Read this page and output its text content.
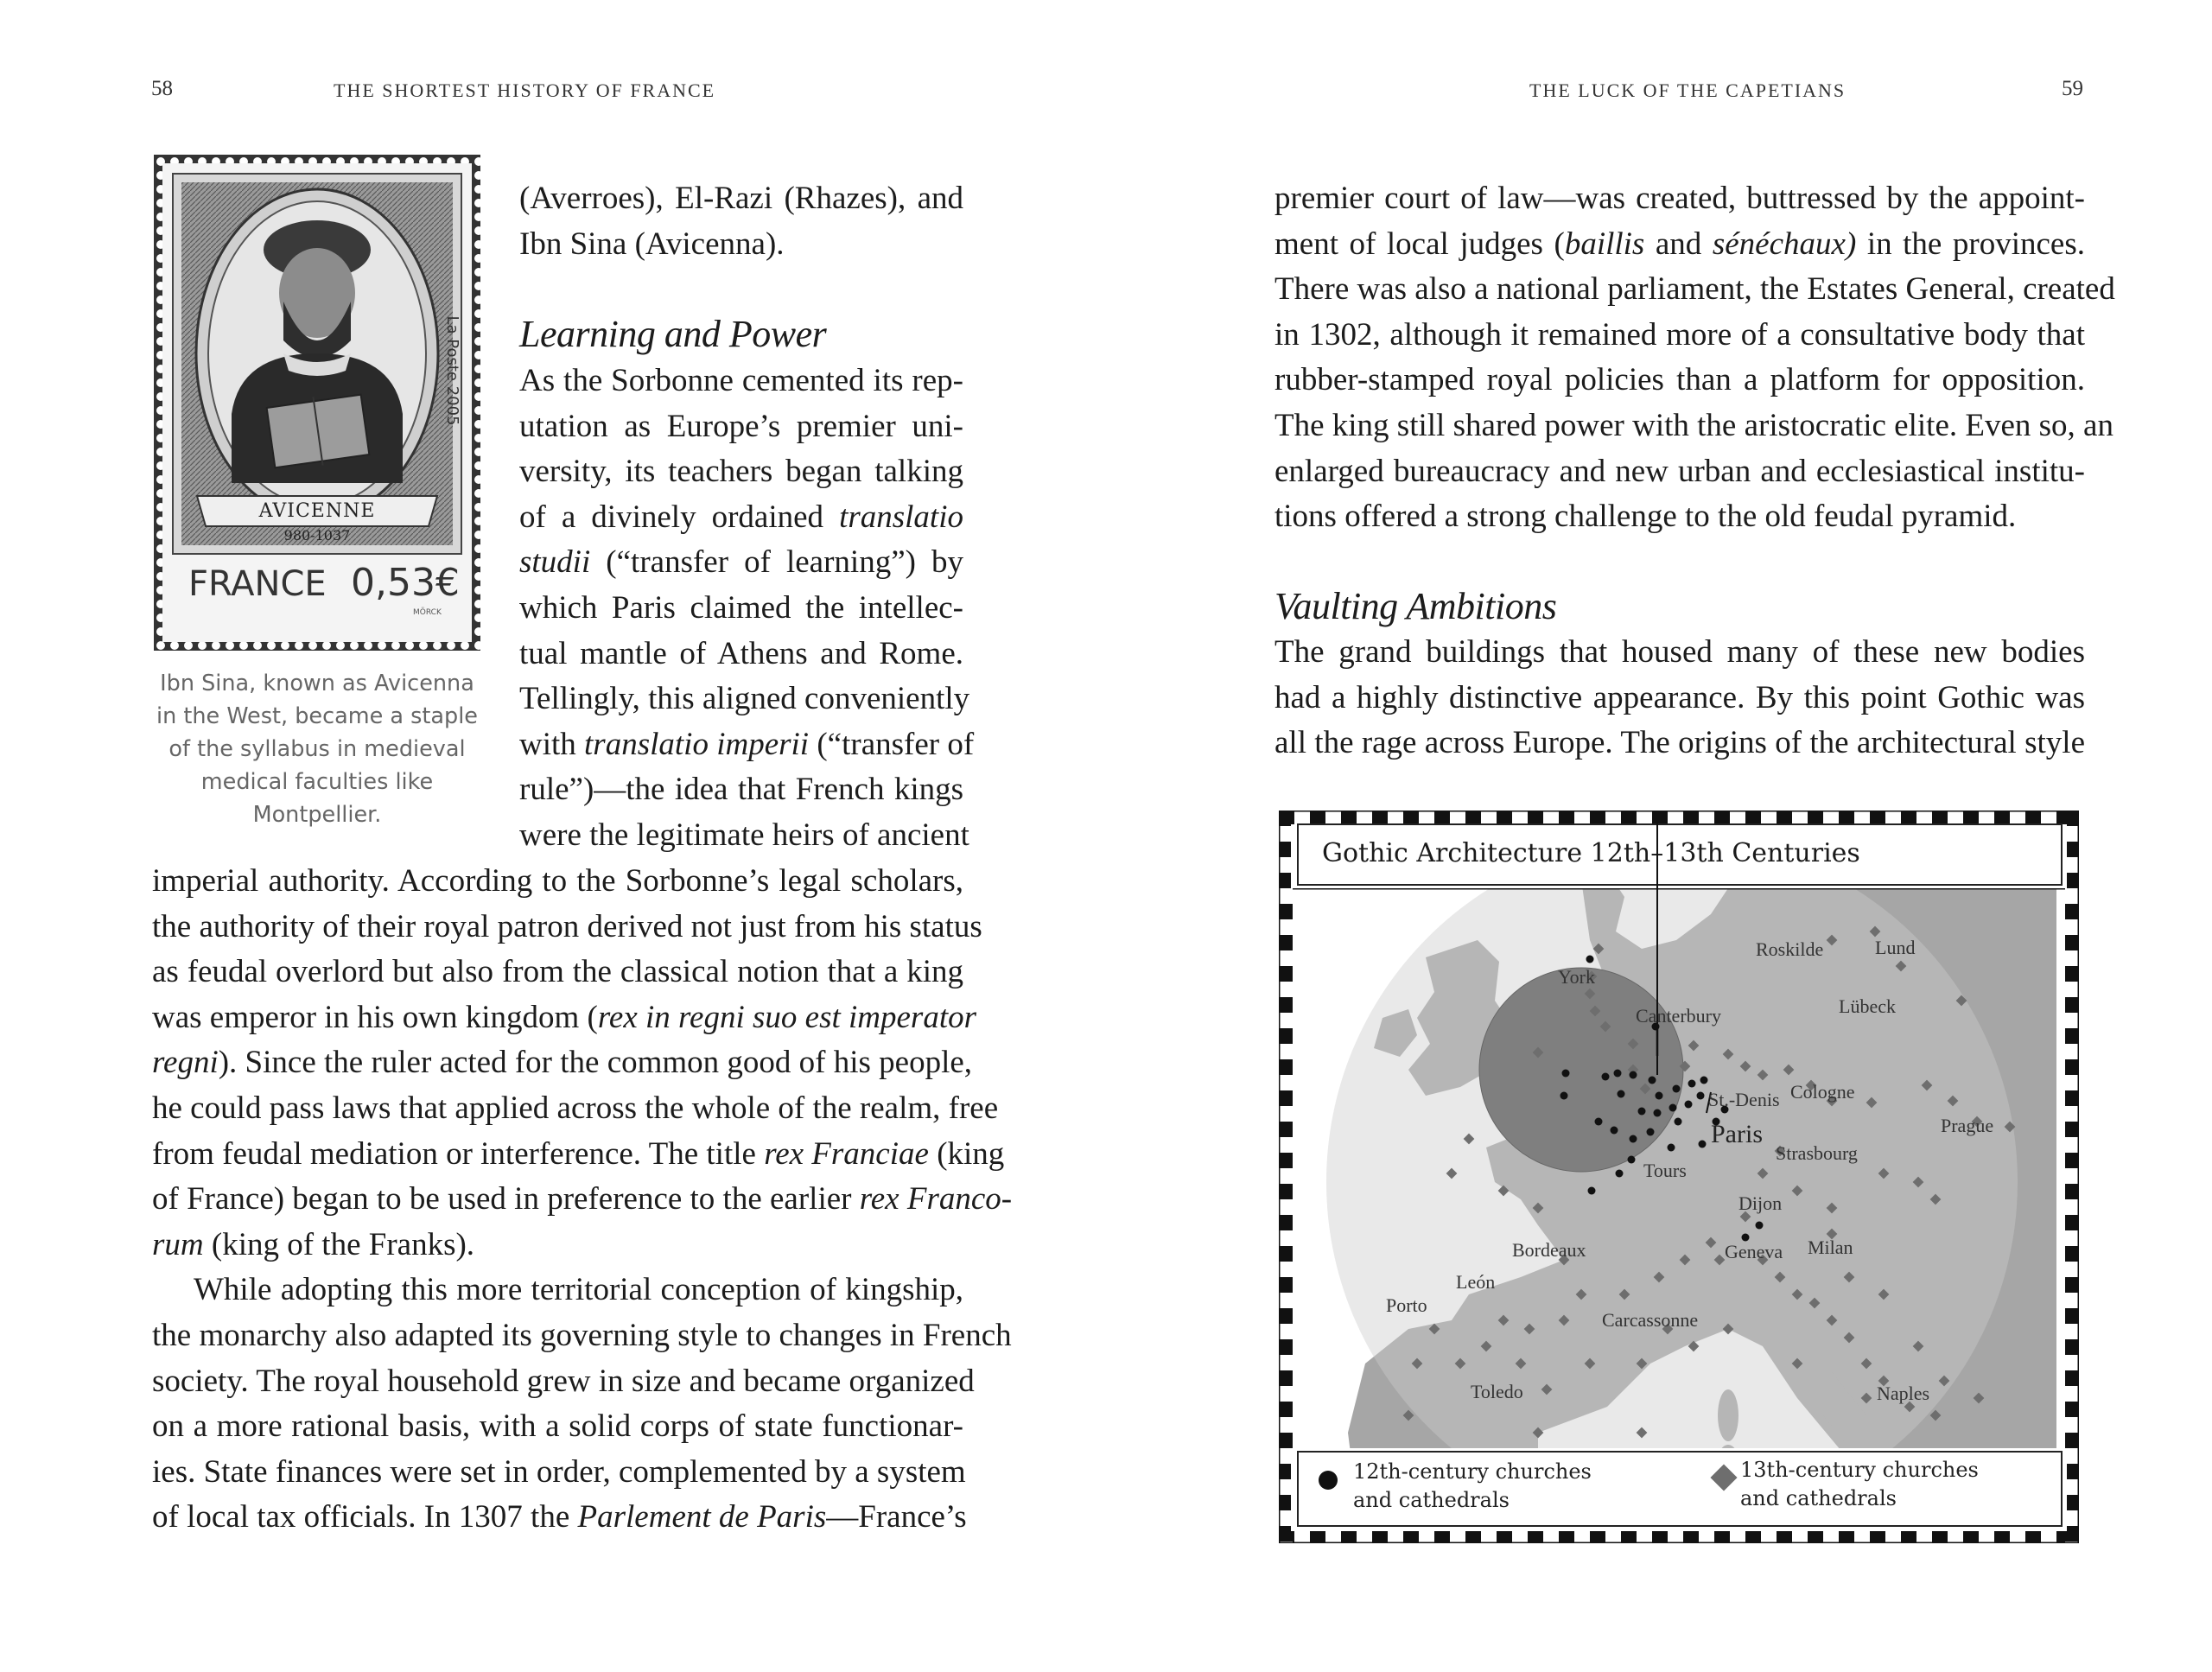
58	THE SHORTEST HISTORY OF FRANCE
AVICENNE
980-1037
La Poste 2005
FRANCE 0,53€
MÖRCK
Ibn Sina, known as Avicenna
in the West, became a staple
of the syllabus in medieval
medical faculties like
Montpellier.
(Averroes), El-Razi (Rhazes), and
Ibn Sina (Avicenna).
Learning and Power
As the Sorbonne cemented its rep-
utation as Europe’s premier uni-
versity, its teachers began talking
of a divinely ordained translatio
studii (“transfer of learning”) by
which Paris claimed the intellec-
tual mantle of Athens and Rome.
Tellingly, this aligned conveniently
with translatio imperii (“transfer of
rule”)—the idea that French kings
were the legitimate heirs of ancient
imperial authority. According to the Sorbonne’s legal scholars,
the authority of their royal patron derived not just from his status
as feudal overlord but also from the classical notion that a king
was emperor in his own kingdom (rex in regni suo est imperator
regni). Since the ruler acted for the common good of his people,
he could pass laws that applied across the whole of the realm, free
from feudal mediation or interference. The title rex Franciae (king
of France) began to be used in preference to the earlier rex Franco-
rum (king of the Franks).
While adopting this more territorial conception of kingship,
the monarchy also adapted its governing style to changes in French
society. The royal household grew in size and became organized
on a more rational basis, with a solid corps of state functionar-
ies. State finances were set in order, complemented by a system
of local tax officials. In 1307 the Parlement de Paris—France’s
THE LUCK OF THE CAPETIANS	59
premier court of law—was created, buttressed by the appoint-
ment of local judges (baillis and sénéchaux) in the provinces.
There was also a national parliament, the Estates General, created
in 1302, although it remained more of a consultative body that
rubber-stamped royal policies than a platform for opposition.
The king still shared power with the aristocratic elite. Even so, an
enlarged bureaucracy and new urban and ecclesiastical institu-
tions offered a strong challenge to the old feudal pyramid.
Vaulting Ambitions
The grand buildings that housed many of these new bodies
had a highly distinctive appearance. By this point Gothic was
all the rage across Europe. The origins of the architectural style
Gothic Architecture 12th–13th Centuries
York
Roskilde	Lund
Lübeck
Canterbury
Cologne
St.-Denis
Paris	Prague
Strasbourg
Tours
Dijon
Bordeaux	Geneva Milan
León
Porto
Carcassonne
Toledo	Naples
12th-century churches
and cathedrals
13th-century churches
and cathedrals
